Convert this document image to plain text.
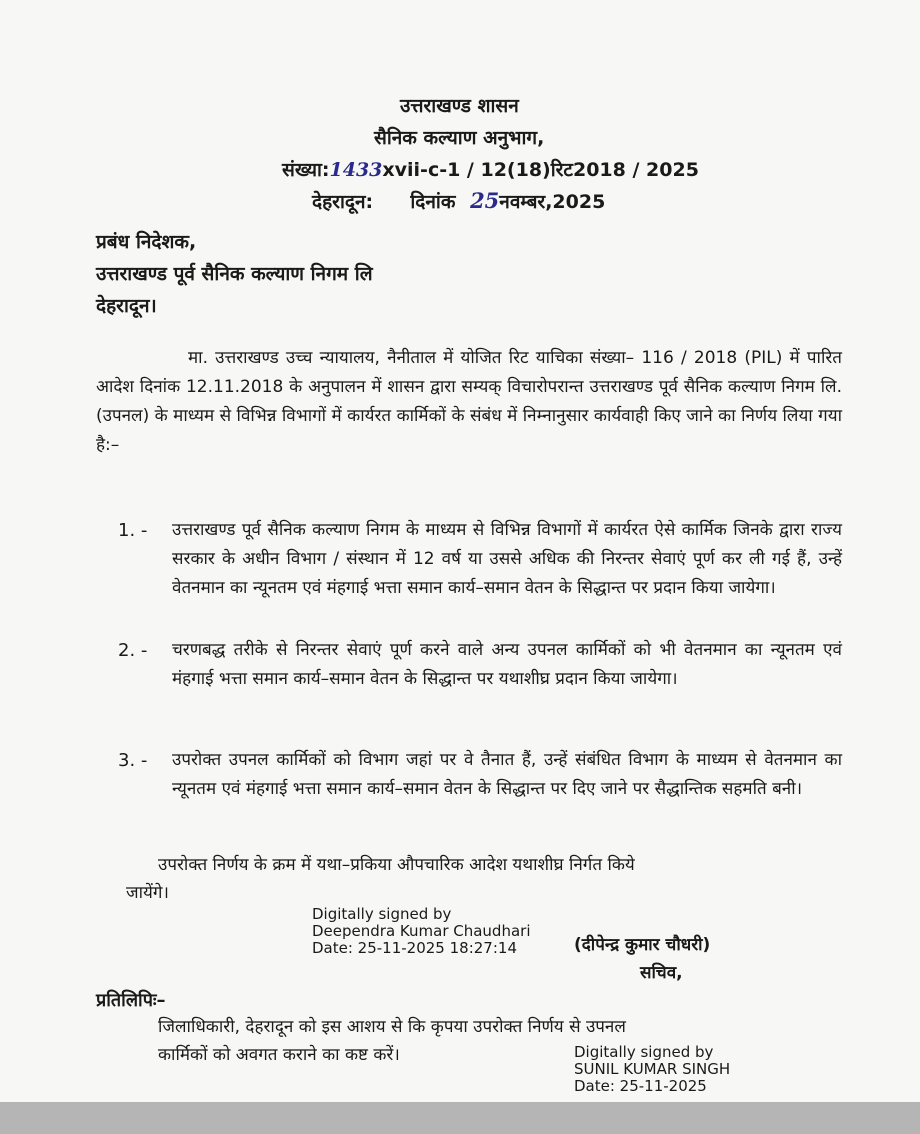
उत्तराखण्ड शासन
सैनिक कल्याण अनुभाग,
संख्या:1433xvii-c-1 / 12(18)रिट2018 / 2025
देहरादून: दिनांक 25नवम्बर,2025
प्रबंध निदेशक,
उत्तराखण्ड पूर्व सैनिक कल्याण निगम लि
देहरादून।
मा. उत्तराखण्ड उच्च न्यायालय, नैनीताल में योजित रिट याचिका संख्या– 116 / 2018 (PIL) में पारित आदेश दिनांक 12.11.2018 के अनुपालन में शासन द्वारा सम्यक् विचारोपरान्त उत्तराखण्ड पूर्व सैनिक कल्याण निगम लि.(उपनल) के माध्यम से विभिन्न विभागों में कार्यरत कार्मिकों के संबंध में निम्नानुसार कार्यवाही किए जाने का निर्णय लिया गया है:–
1. - उत्तराखण्ड पूर्व सैनिक कल्याण निगम के माध्यम से विभिन्न विभागों में कार्यरत ऐसे कार्मिक जिनके द्वारा राज्य सरकार के अधीन विभाग / संस्थान में 12 वर्ष या उससे अधिक की निरन्तर सेवाएं पूर्ण कर ली गई हैं, उन्हें वेतनमान का न्यूनतम एवं मंहगाई भत्ता समान कार्य–समान वेतन के सिद्धान्त पर प्रदान किया जायेगा।
2. - चरणबद्ध तरीके से निरन्तर सेवाएं पूर्ण करने वाले अन्य उपनल कार्मिकों को भी वेतनमान का न्यूनतम एवं मंहगाई भत्ता समान कार्य–समान वेतन के सिद्धान्त पर यथाशीघ्र प्रदान किया जायेगा।
3. - उपरोक्त उपनल कार्मिकों को विभाग जहां पर वे तैनात हैं, उन्हें संबंधित विभाग के माध्यम से वेतनमान का न्यूनतम एवं मंहगाई भत्ता समान कार्य–समान वेतन के सिद्धान्त पर दिए जाने पर सैद्धान्तिक सहमति बनी।
उपरोक्त निर्णय के क्रम में यथा–प्रकिया औपचारिक आदेश यथाशीघ्र निर्गत किये
जायेंगे।
Digitally signed by
Deependra Kumar Chaudhari
Date: 25-11-2025 18:27:14	(दीपेन्द्र कुमार चौधरी)
सचिव,
प्रतिलिपिः–
जिलाधिकारी, देहरादून को इस आशय से कि कृपया उपरोक्त निर्णय से उपनल
कार्मिकों को अवगत कराने का कष्ट करें।	Digitally signed by
SUNIL KUMAR SINGH
Date: 25-11-2025
